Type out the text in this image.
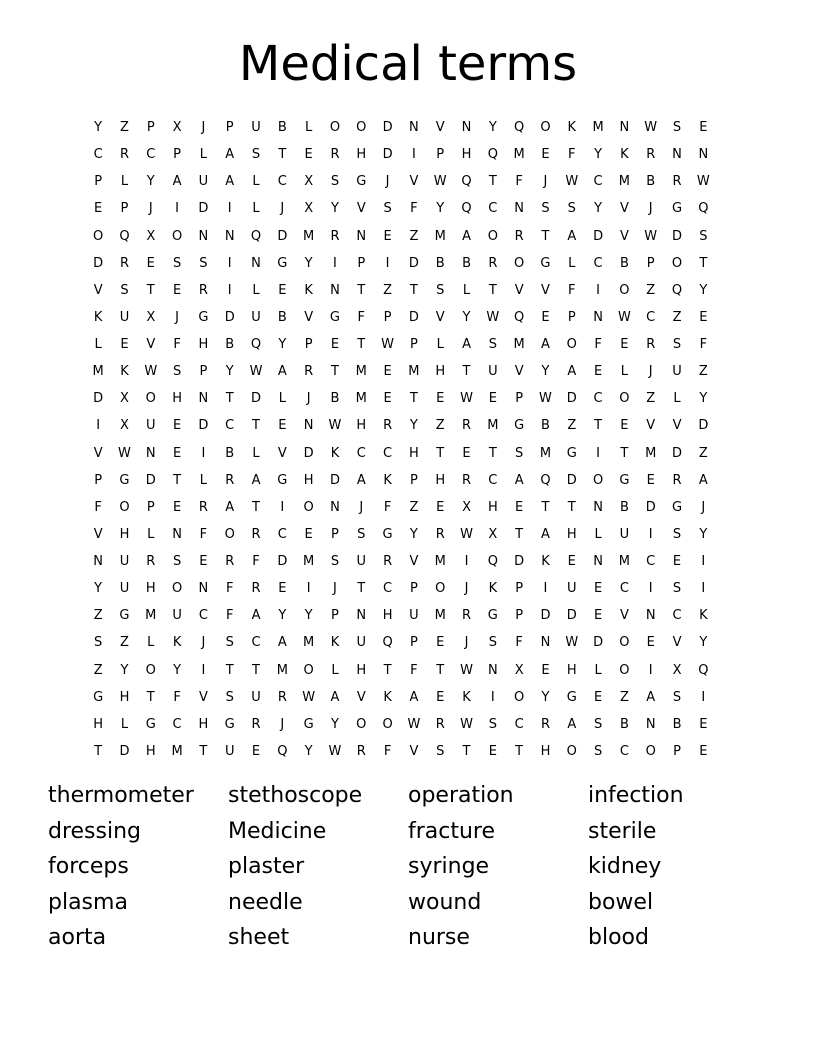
Medical terms
Y	Z	P	X	J	P	U	B	L	O	O	D	N	V	N	Y	Q	O	K	M	N	W	S	E
C	R	C	P	L	A	S	T	E	R	H	D	I	P	H	Q	M	E	F	Y	K	R	N	N
P	L	Y	A	U	A	L	C	X	S	G	J	V	W	Q	T	F	J	W	C	M	B	R	W
E	P	J	I	D	I	L	J	X	Y	V	S	F	Y	Q	C	N	S	S	Y	V	J	G	Q
O	Q	X	O	N	N	Q	D	M	R	N	E	Z	M	A	O	R	T	A	D	V	W	D	S
D	R	E	S	S	I	N	G	Y	I	P	I	D	B	B	R	O	G	L	C	B	P	O	T
V	S	T	E	R	I	L	E	K	N	T	Z	T	S	L	T	V	V	F	I	O	Z	Q	Y
K	U	X	J	G	D	U	B	V	G	F	P	D	V	Y	W	Q	E	P	N	W	C	Z	E
L	E	V	F	H	B	Q	Y	P	E	T	W	P	L	A	S	M	A	O	F	E	R	S	F
M	K	W	S	P	Y	W	A	R	T	M	E	M	H	T	U	V	Y	A	E	L	J	U	Z
D	X	O	H	N	T	D	L	J	B	M	E	T	E	W	E	P	W	D	C	O	Z	L	Y
I	X	U	E	D	C	T	E	N	W	H	R	Y	Z	R	M	G	B	Z	T	E	V	V	D
V	W	N	E	I	B	L	V	D	K	C	C	H	T	E	T	S	M	G	I	T	M	D	Z
P	G	D	T	L	R	A	G	H	D	A	K	P	H	R	C	A	Q	D	O	G	E	R	A
F	O	P	E	R	A	T	I	O	N	J	F	Z	E	X	H	E	T	T	N	B	D	G	J
V	H	L	N	F	O	R	C	E	P	S	G	Y	R	W	X	T	A	H	L	U	I	S	Y
N	U	R	S	E	R	F	D	M	S	U	R	V	M	I	Q	D	K	E	N	M	C	E	I
Y	U	H	O	N	F	R	E	I	J	T	C	P	O	J	K	P	I	U	E	C	I	S	I
Z	G	M	U	C	F	A	Y	Y	P	N	H	U	M	R	G	P	D	D	E	V	N	C	K
S	Z	L	K	J	S	C	A	M	K	U	Q	P	E	J	S	F	N	W	D	O	E	V	Y
Z	Y	O	Y	I	T	T	M	O	L	H	T	F	T	W	N	X	E	H	L	O	I	X	Q
G	H	T	F	V	S	U	R	W	A	V	K	A	E	K	I	O	Y	G	E	Z	A	S	I
H	L	G	C	H	G	R	J	G	Y	O	O	W	R	W	S	C	R	A	S	B	N	B	E
T	D	H	M	T	U	E	Q	Y	W	R	F	V	S	T	E	T	H	O	S	C	O	P	E
thermometer	stethoscope	operation	infection
dressing	Medicine	fracture	sterile
forceps	plaster	syringe	kidney
plasma	needle	wound	bowel
aorta	sheet	nurse	blood
